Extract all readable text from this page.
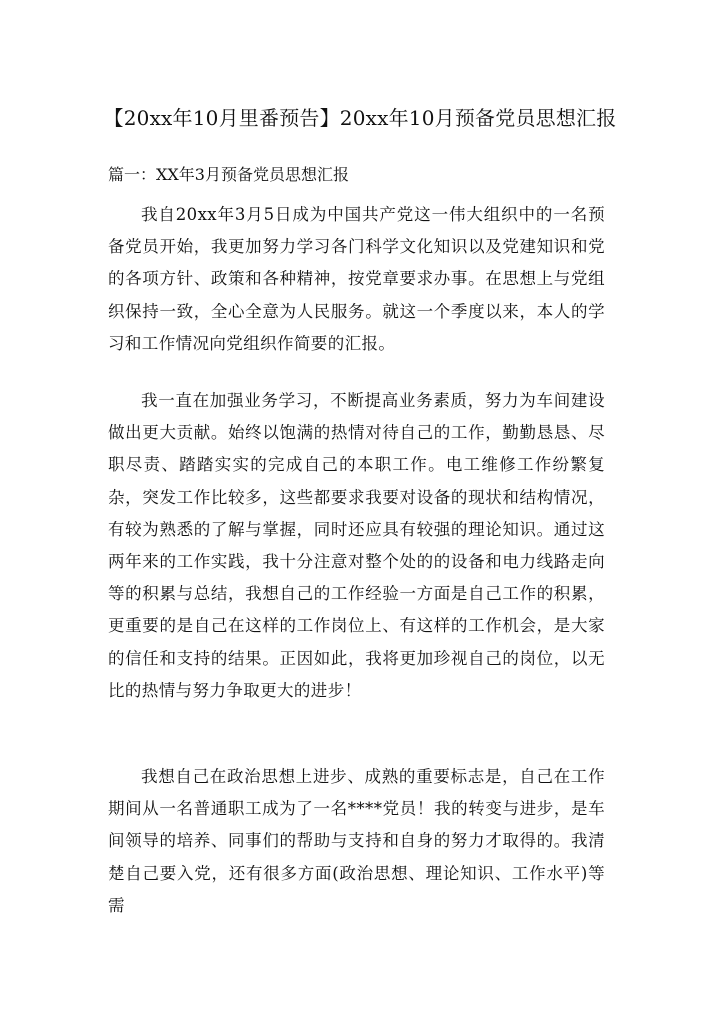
【20xx年10月里番预告】20xx年10月预备党员思想汇报
篇一：XX年3月预备党员思想汇报

我自20xx年3月5日成为中国共产党这一伟大组织中的一名预备党员开始，我更加努力学习各门科学文化知识以及党建知识和党的各项方针、政策和各种精神，按党章要求办事。在思想上与党组织保持一致，全心全意为人民服务。就这一个季度以来，本人的学习和工作情况向党组织作简要的汇报。

我一直在加强业务学习，不断提高业务素质，努力为车间建设做出更大贡献。始终以饱满的热情对待自己的工作，勤勤恳恳、尽职尽责、踏踏实实的完成自己的本职工作。电工维修工作纷繁复杂，突发工作比较多，这些都要求我要对设备的现状和结构情况，有较为熟悉的了解与掌握，同时还应具有较强的理论知识。通过这两年来的工作实践，我十分注意对整个处的的设备和电力线路走向等的积累与总结，我想自己的工作经验一方面是自己工作的积累，更重要的是自己在这样的工作岗位上、有这样的工作机会，是大家的信任和支持的结果。正因如此，我将更加珍视自己的岗位，以无比的热情与努力争取更大的进步！

我想自己在政治思想上进步、成熟的重要标志是，自己在工作期间从一名普通职工成为了一名****党员！我的转变与进步，是车间领导的培养、同事们的帮助与支持和自身的努力才取得的。我清楚自己要入党，还有很多方面(政治思想、理论知识、工作水平)等需
